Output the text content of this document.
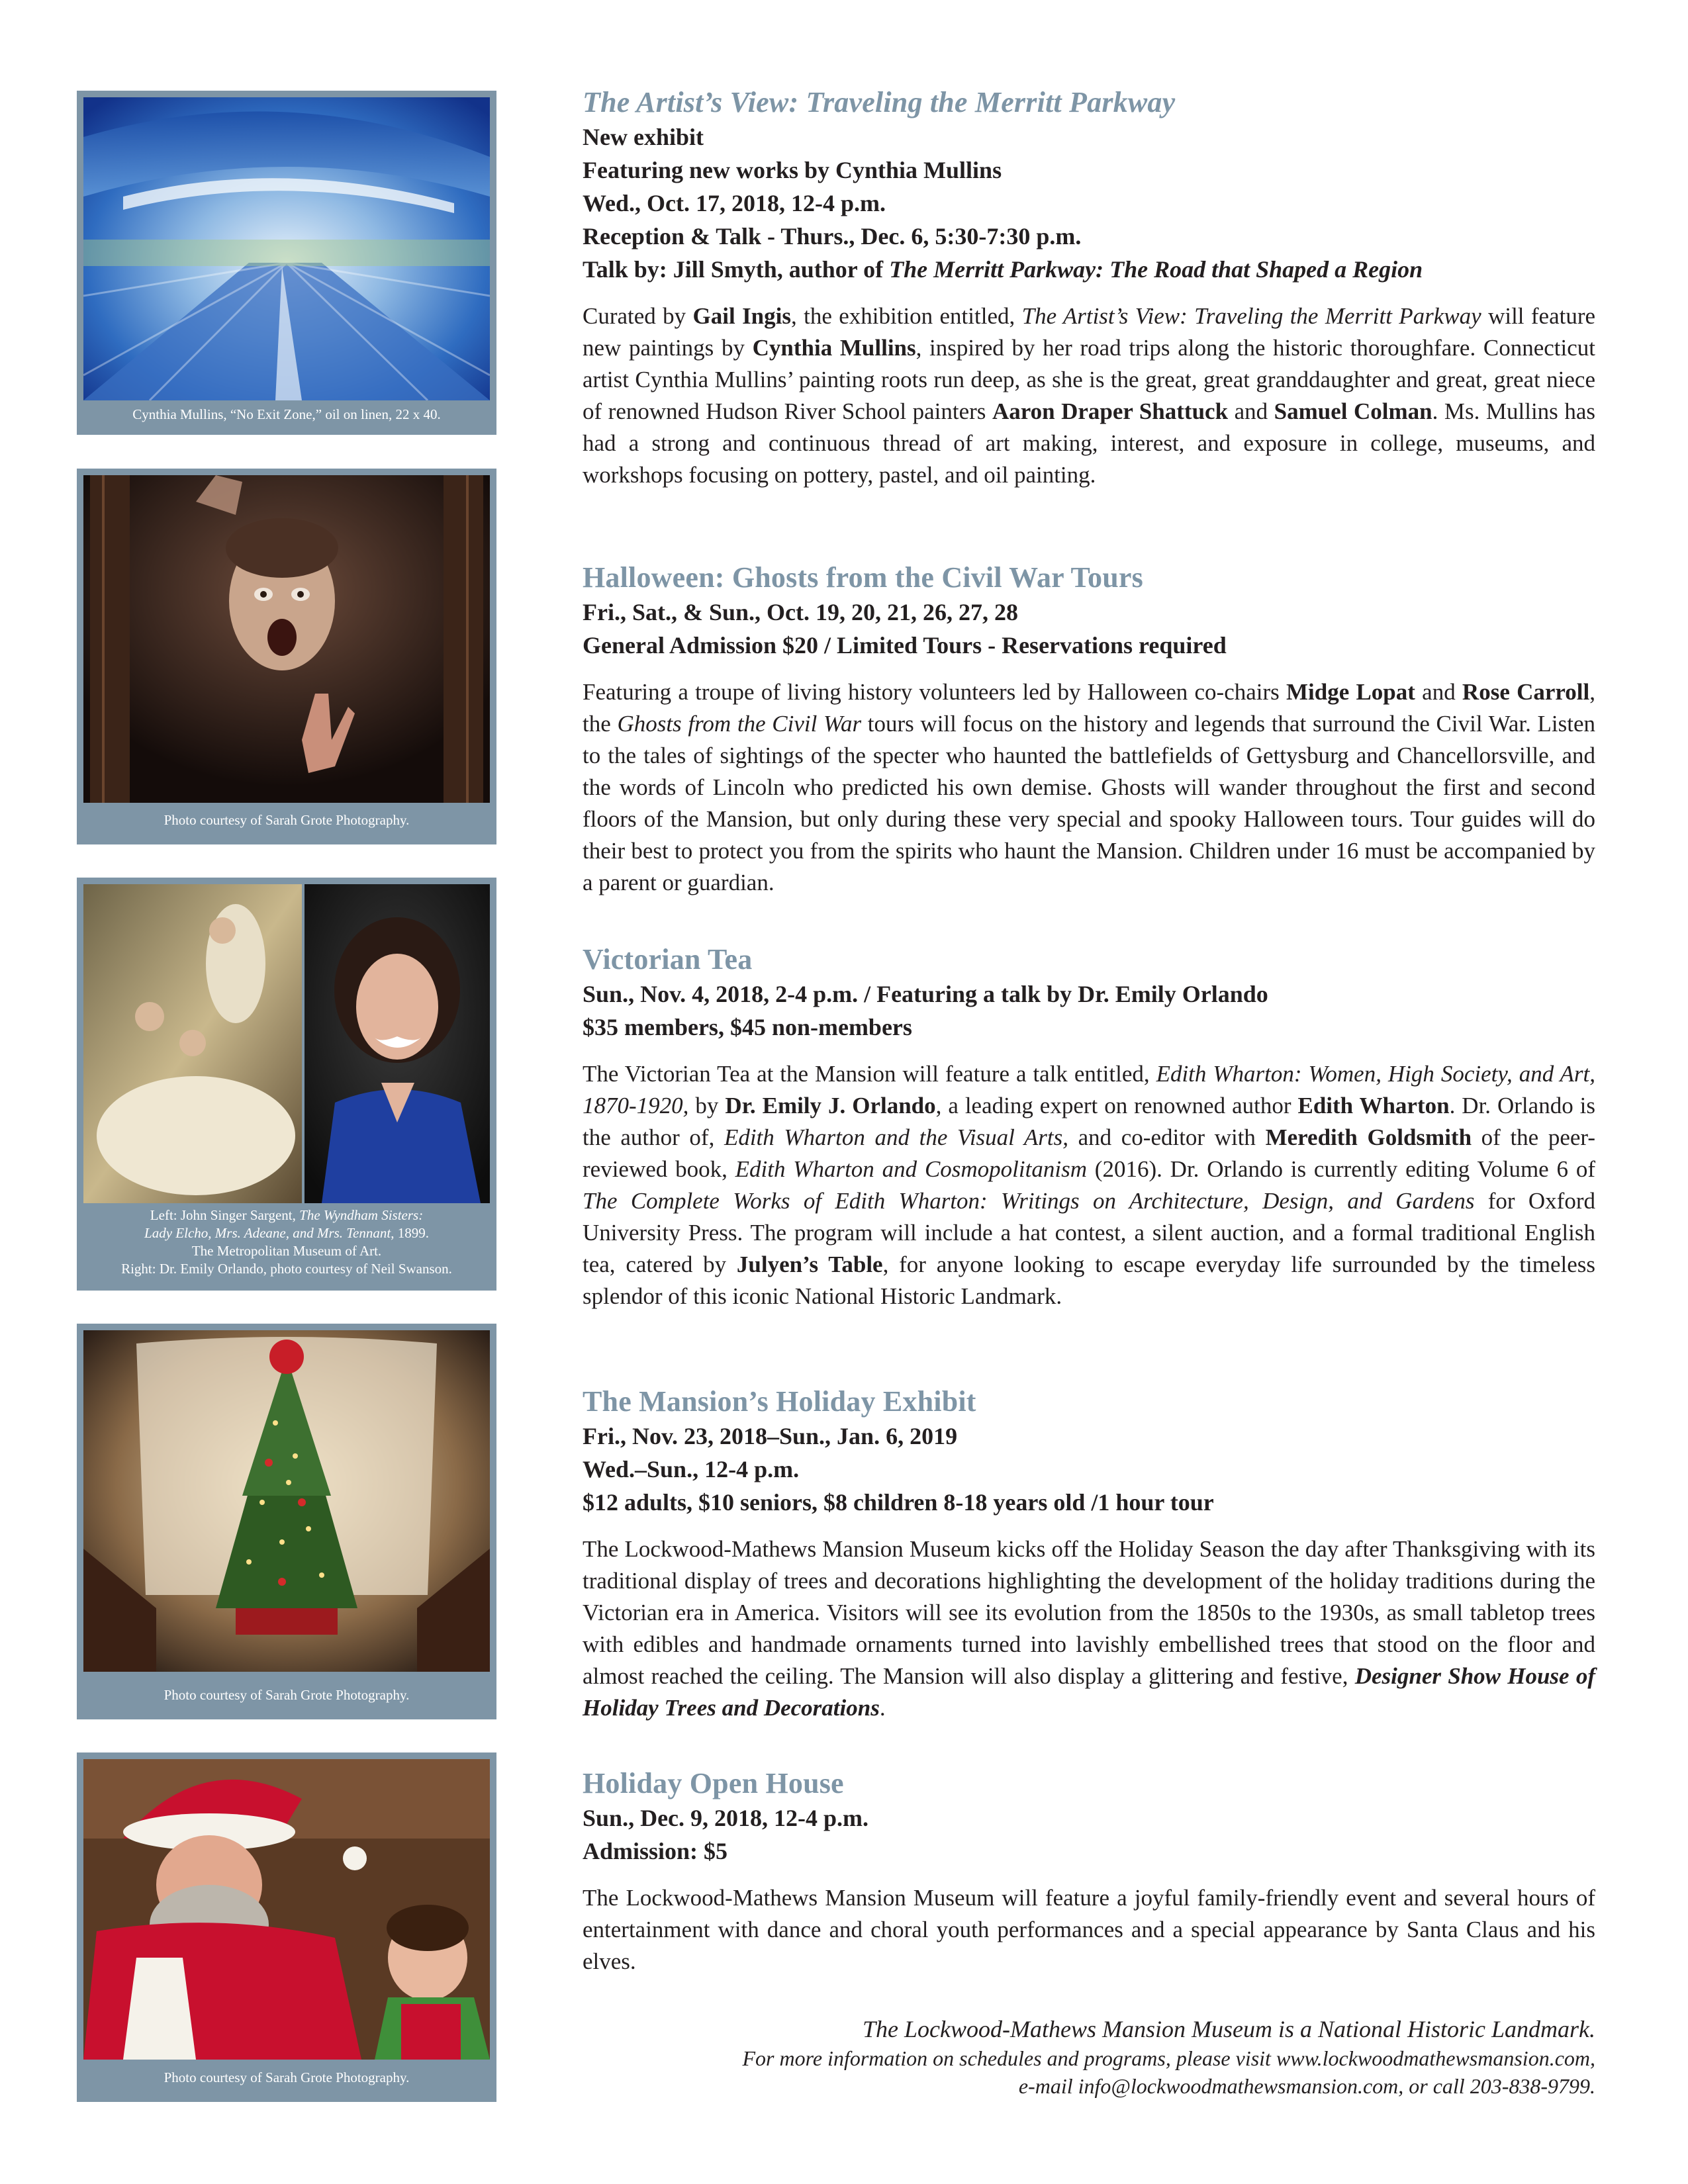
Cynthia Mullins, “No Exit Zone,” oil on linen, 22 x 40.
Photo courtesy of Sarah Grote Photography.
Left: John Singer Sargent, The Wyndham Sisters:
Lady Elcho, Mrs. Adeane, and Mrs. Tennant, 1899.
The Metropolitan Museum of Art.
Right: Dr. Emily Orlando, photo courtesy of Neil Swanson.
Photo courtesy of Sarah Grote Photography.
Photo courtesy of Sarah Grote Photography.
The Artist’s View: Traveling the Merritt Parkway

New exhibit

Featuring new works by Cynthia Mullins

Wed., Oct. 17, 2018, 12-4 p.m.

Reception & Talk - Thurs., Dec. 6, 5:30-7:30 p.m.

Talk by: Jill Smyth, author of The Merritt Parkway: The Road that Shaped a Region

Curated by Gail Ingis, the exhibition entitled, The Artist’s View: Traveling the Merritt Parkway will feature new paintings by Cynthia Mullins, inspired by her road trips along the historic thoroughfare. Connecticut artist Cynthia Mullins’ painting roots run deep, as she is the great, great granddaughter and great, great niece of renowned Hudson River School painters Aaron Draper Shattuck and Samuel Colman. Ms. Mullins has had a strong and continuous thread of art making, interest, and exposure in college, museums, and workshops focusing on pottery, pastel, and oil painting.

Halloween: Ghosts from the Civil War Tours

Fri., Sat., & Sun., Oct. 19, 20, 21, 26, 27, 28

General Admission $20 / Limited Tours - Reservations required

Featuring a troupe of living history volunteers led by Halloween co-chairs Midge Lopat and Rose Carroll, the Ghosts from the Civil War tours will focus on the history and legends that surround the Civil War. Listen to the tales of sightings of the specter who haunted the battlefields of Gettysburg and Chancellorsville, and the words of Lincoln who predicted his own demise. Ghosts will wander throughout the first and second floors of the Mansion, but only during these very special and spooky Halloween tours. Tour guides will do their best to protect you from the spirits who haunt the Mansion. Children under 16 must be accompanied by a parent or guardian.

Victorian Tea

Sun., Nov. 4, 2018, 2-4 p.m. / Featuring a talk by Dr. Emily Orlando

$35 members, $45 non-members

The Victorian Tea at the Mansion will feature a talk entitled, Edith Wharton: Women, High Society, and Art, 1870-1920, by Dr. Emily J. Orlando, a leading expert on renowned author Edith Wharton. Dr. Orlando is the author of, Edith Wharton and the Visual Arts, and co-editor with Meredith Goldsmith of the peer-reviewed book, Edith Wharton and Cosmopolitanism (2016). Dr. Orlando is currently editing Volume 6 of The Complete Works of Edith Wharton: Writings on Architecture, Design, and Gardens for Oxford University Press. The program will include a hat contest, a silent auction, and a formal traditional English tea, catered by Julyen’s Table, for anyone looking to escape everyday life surrounded by the timeless splendor of this iconic National Historic Landmark.

The Mansion’s Holiday Exhibit

Fri., Nov. 23, 2018–Sun., Jan. 6, 2019

Wed.–Sun., 12-4 p.m.

$12 adults, $10 seniors, $8 children 8-18 years old /1 hour tour

The Lockwood-Mathews Mansion Museum kicks off the Holiday Season the day after Thanksgiving with its traditional display of trees and decorations highlighting the development of the holiday traditions during the Victorian era in America. Visitors will see its evolution from the 1850s to the 1930s, as small tabletop trees with edibles and handmade ornaments turned into lavishly embellished trees that stood on the floor and almost reached the ceiling. The Mansion will also display a glittering and festive, Designer Show House of Holiday Trees and Decorations.

Holiday Open House

Sun., Dec. 9, 2018, 12-4 p.m.

Admission: $5

The Lockwood-Mathews Mansion Museum will feature a joyful family-friendly event and several hours of entertainment with dance and choral youth performances and a special appearance by Santa Claus and his elves.

The Lockwood-Mathews Mansion Museum is a National Historic Landmark.

For more information on schedules and programs, please visit www.lockwoodmathewsmansion.com,

e-mail info@lockwoodmathewsmansion.com, or call 203-838-9799.
